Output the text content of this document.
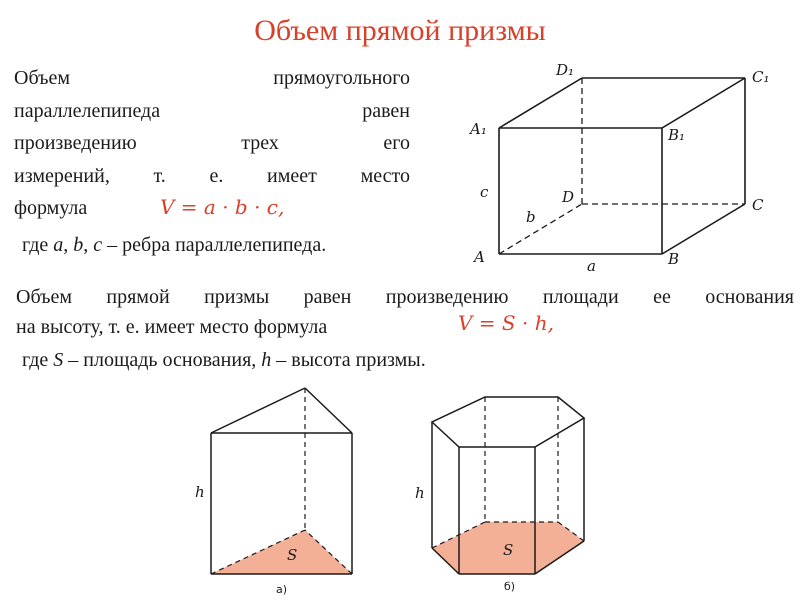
Объем прямой призмы
Объем прямоугольного
параллелепипеда равен
произведению трех его
измерений, т. е. имеет место
формула	V = a · b · c,
где a, b, c – ребра параллелепипеда.
Объем прямой призмы равен произведению площади ее основания
на высоту, т. е. имеет место формула	V = S · h,
где S – площадь основания, h – высота призмы.
A	B
C
D
A₁	B₁
C₁
D₁
a
b
c
h
S
а)
h
S
б)
